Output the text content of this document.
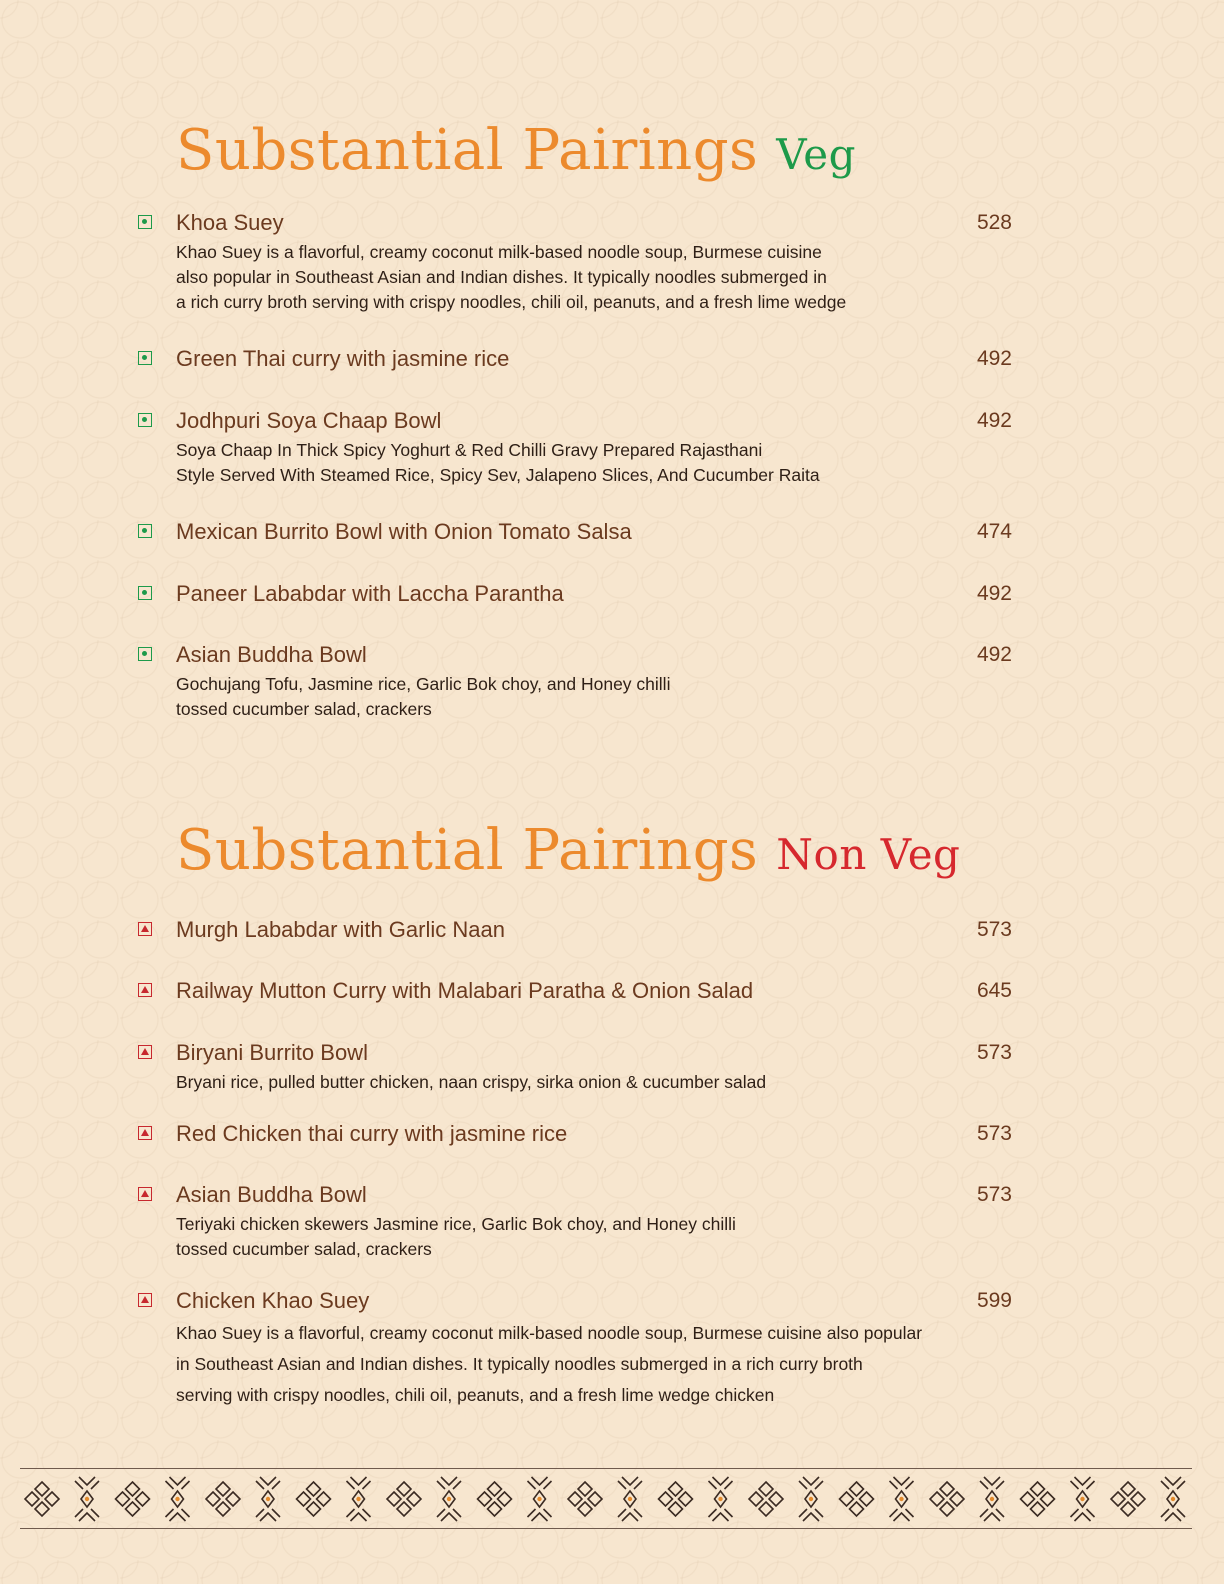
Substantial Pairings Veg
Khoa Suey	528
Khao Suey is a flavorful, creamy coconut milk-based noodle soup, Burmese cuisine
also popular in Southeast Asian and Indian dishes. It typically noodles submerged in
a rich curry broth serving with crispy noodles, chili oil, peanuts, and a fresh lime wedge
Green Thai curry with jasmine rice	492
Jodhpuri Soya Chaap Bowl	492
Soya Chaap In Thick Spicy Yoghurt & Red Chilli Gravy Prepared Rajasthani
Style Served With Steamed Rice, Spicy Sev, Jalapeno Slices, And Cucumber Raita
Mexican Burrito Bowl with Onion Tomato Salsa	474
Paneer Lababdar with Laccha Parantha	492
Asian Buddha Bowl	492
Gochujang Tofu, Jasmine rice, Garlic Bok choy, and Honey chilli
tossed cucumber salad, crackers
Substantial Pairings Non Veg
Murgh Lababdar with Garlic Naan	573
Railway Mutton Curry with Malabari Paratha & Onion Salad	645
Biryani Burrito Bowl	573
Bryani rice, pulled butter chicken, naan crispy, sirka onion & cucumber salad
Red Chicken thai curry with jasmine rice	573
Asian Buddha Bowl	573
Teriyaki chicken skewers Jasmine rice, Garlic Bok choy, and Honey chilli
tossed cucumber salad, crackers
Chicken Khao Suey	599
Khao Suey is a flavorful, creamy coconut milk-based noodle soup, Burmese cuisine also popular
in Southeast Asian and Indian dishes. It typically noodles submerged in a rich curry broth
serving with crispy noodles, chili oil, peanuts, and a fresh lime wedge chicken
